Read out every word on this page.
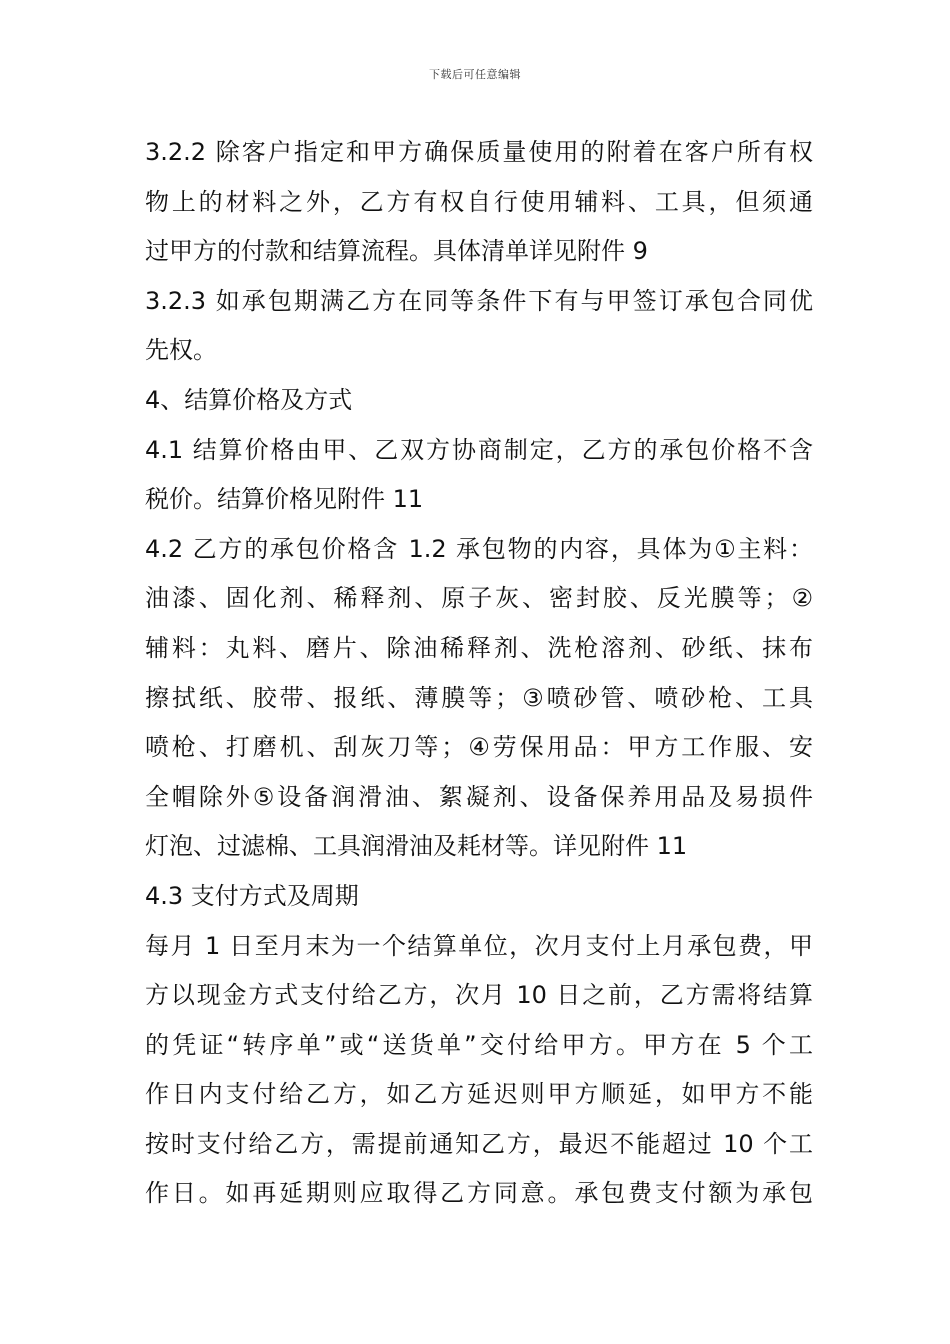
下载后可任意编辑
3.2.2 除客户指定和甲方确保质量使用的附着在客户所有权
物上的材料之外，乙方有权自行使用辅料、工具，但须通
过甲方的付款和结算流程。具体清单详见附件 9
3.2.3 如承包期满乙方在同等条件下有与甲签订承包合同优
先权。
4、结算价格及方式
4.1 结算价格由甲、乙双方协商制定，乙方的承包价格不含
税价。结算价格见附件 11
4.2 乙方的承包价格含 1.2 承包物的内容，具体为①主料：
油漆、固化剂、稀释剂、原子灰、密封胶、反光膜等；②
辅料：丸料、磨片、除油稀释剂、洗枪溶剂、砂纸、抹布
擦拭纸、胶带、报纸、薄膜等；③喷砂管、喷砂枪、工具
喷枪、打磨机、刮灰刀等；④劳保用品：甲方工作服、安
全帽除外⑤设备润滑油、絮凝剂、设备保养用品及易损件
灯泡、过滤棉、工具润滑油及耗材等。详见附件 11
4.3 支付方式及周期
每月 1 日至月末为一个结算单位，次月支付上月承包费，甲
方以现金方式支付给乙方，次月 10 日之前，乙方需将结算
的凭证“转序单”或“送货单”交付给甲方。甲方在 5 个工
作日内支付给乙方，如乙方延迟则甲方顺延，如甲方不能
按时支付给乙方，需提前通知乙方，最迟不能超过 10 个工
作日。如再延期则应取得乙方同意。承包费支付额为承包
